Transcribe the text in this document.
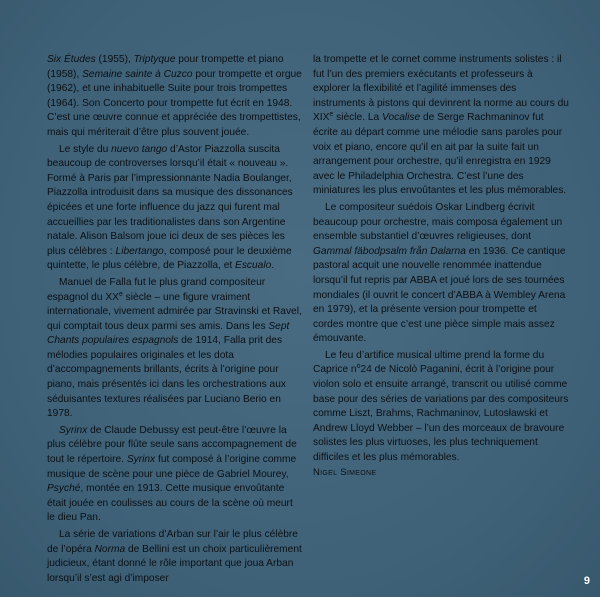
Six Études (1955), Triptyque pour trompette et piano (1958), Semaine sainte à Cuzco pour trompette et orgue (1962), et une inhabituelle Suite pour trois trompettes (1964). Son Concerto pour trompette fut écrit en 1948. C’est une œuvre connue et appréciée des trompettistes, mais qui mériterait d’être plus souvent jouée.

Le style du nuevo tango d’Astor Piazzolla suscita beaucoup de controverses lorsqu’il était « nouveau ». Formé à Paris par l’impressionnante Nadia Boulanger, Piazzolla introduisit dans sa musique des dissonances épicées et une forte influence du jazz qui furent mal accueillies par les traditionalistes dans son Argentine natale. Alison Balsom joue ici deux de ses pièces les plus célèbres : Libertango, composé pour le deuxième quintette, le plus célèbre, de Piazzolla, et Escualo.

Manuel de Falla fut le plus grand compositeur espagnol du XXe siècle – une figure vraiment internationale, vivement admirée par Stravinski et Ravel, qui comptait tous deux parmi ses amis. Dans les Sept Chants populaires espagnols de 1914, Falla prit des mélodies populaires originales et les dota d’accompagnements brillants, écrits à l’origine pour piano, mais présentés ici dans les orchestrations aux séduisantes textures réalisées par Luciano Berio en 1978.

Syrinx de Claude Debussy est peut-être l’œuvre la plus célèbre pour flûte seule sans accompagnement de tout le répertoire. Syrinx fut composé à l’origine comme musique de scène pour une pièce de Gabriel Mourey, Psyché, montée en 1913. Cette musique envoûtante était jouée en coulisses au cours de la scène où meurt le dieu Pan.

La série de variations d’Arban sur l’air le plus célèbre de l’opéra Norma de Bellini est un choix particulièrement judicieux, étant donné le rôle important que joua Arban lorsqu’il s’est agi d’imposer

la trompette et le cornet comme instruments solistes : il fut l’un des premiers exécutants et professeurs à explorer la flexibilité et l’agilité immenses des instruments à pistons qui devinrent la norme au cours du XIXe siècle. La Vocalise de Serge Rachmaninov fut écrite au départ comme une mélodie sans paroles pour voix et piano, encore qu’il en ait par la suite fait un arrangement pour orchestre, qu’il enregistra en 1929 avec le Philadelphia Orchestra. C’est l’une des miniatures les plus envoûtantes et les plus mémorables.

Le compositeur suédois Oskar Lindberg écrivit beaucoup pour orchestre, mais composa également un ensemble substantiel d’œuvres religieuses, dont Gammal fäbodpsalm från Dalarna en 1936. Ce cantique pastoral acquit une nouvelle renommée inattendue lorsqu’il fut repris par ABBA et joué lors de ses tournées mondiales (il ouvrit le concert d’ABBA à Wembley Arena en 1979), et la présente version pour trompette et cordes montre que c’est une pièce simple mais assez émouvante.

Le feu d’artifice musical ultime prend la forme du Caprice $n^o24$ de Nicolò Paganini, écrit à l’origine pour violon solo et ensuite arrangé, transcrit ou utilisé comme base pour des séries de variations par des compositeurs comme Liszt, Brahms, Rachmaninov, Lutosławski et Andrew Lloyd Webber – l’un des morceaux de bravoure solistes les plus virtuoses, les plus techniquement difficiles et les plus mémorables.

Nigel Simeone

9
